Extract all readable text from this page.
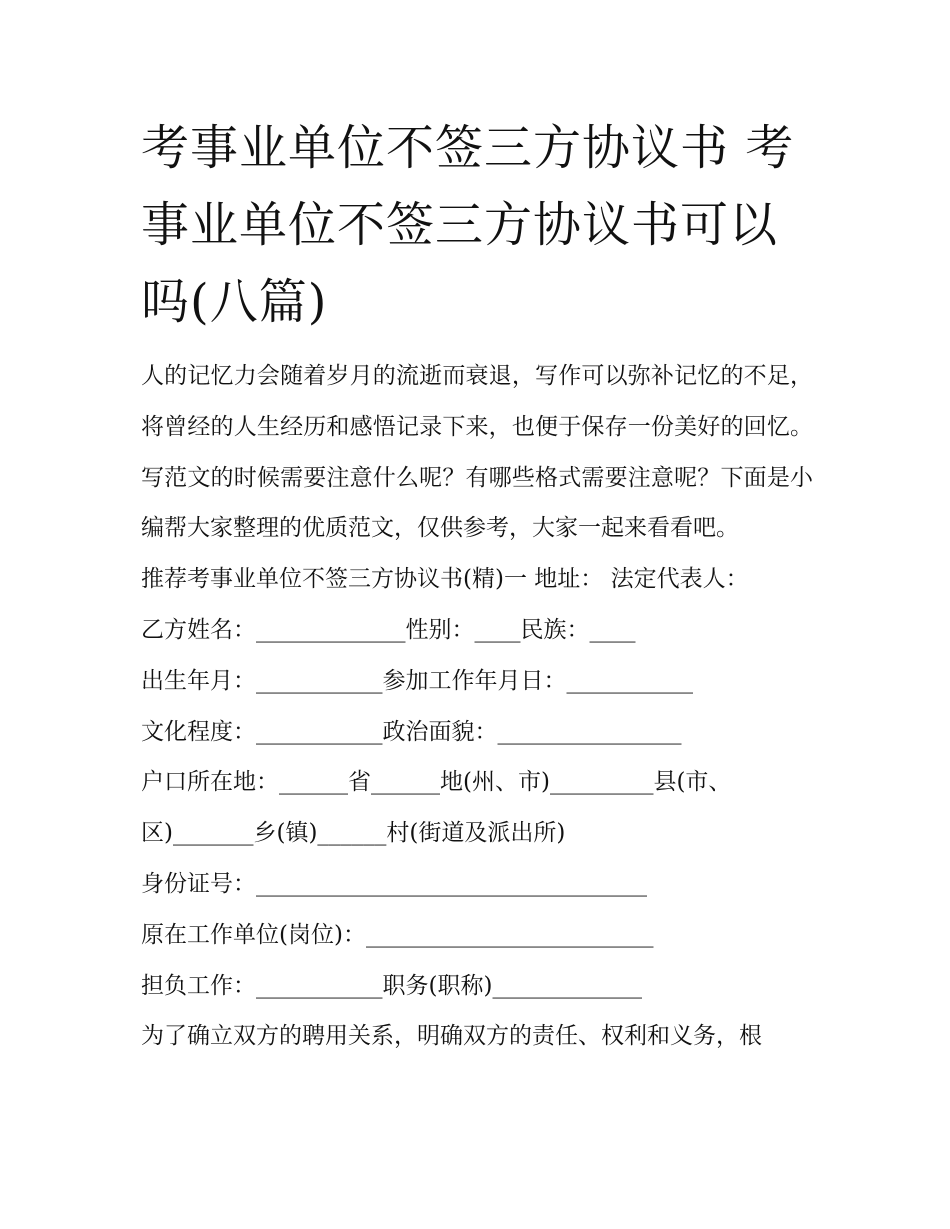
考事业单位不签三方协议书 考事业单位不签三方协议书可以吗(八篇)

人的记忆力会随着岁月的流逝而衰退，写作可以弥补记忆的不足，将曾经的人生经历和感悟记录下来，也便于保存一份美好的回忆。写范文的时候需要注意什么呢？有哪些格式需要注意呢？下面是小编帮大家整理的优质范文，仅供参考，大家一起来看看吧。

推荐考事业单位不签三方协议书(精)一 地址： 法定代表人：

乙方姓名：_____________性别：____民族：____

出生年月：___________参加工作年月日：___________

文化程度：___________政治面貌：________________

户口所在地：______省______地(州、市)_________县(市、

区)_______乡(镇)______村(街道及派出所)

身份证号：__________________________________

原在工作单位(岗位)：_________________________

担负工作：___________职务(职称)_____________

为了确立双方的聘用关系，明确双方的责任、权利和义务，根
